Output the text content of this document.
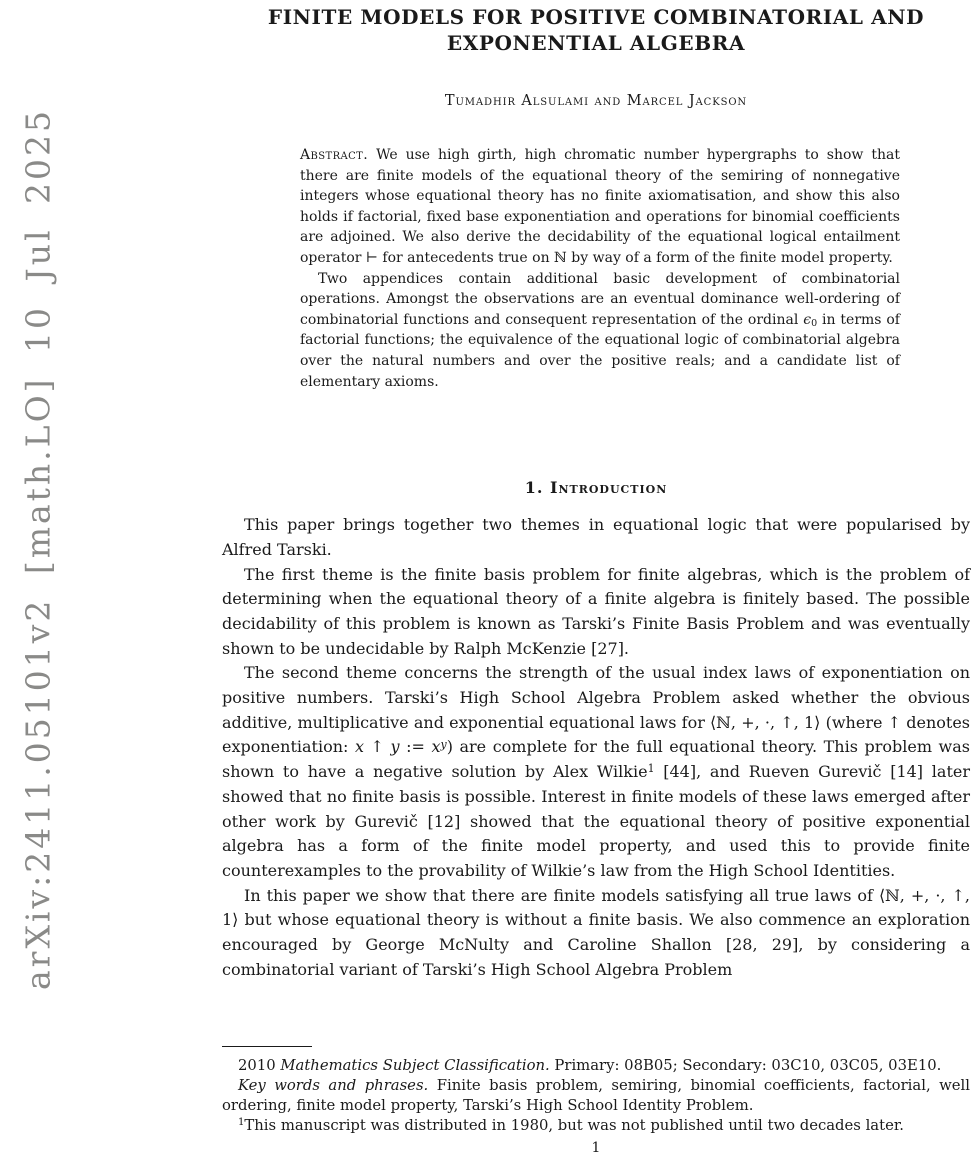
arXiv:2411.05101v2 [math.LO] 10 Jul 2025
FINITE MODELS FOR POSITIVE COMBINATORIAL AND
EXPONENTIAL ALGEBRA
Tumadhir Alsulami and Marcel Jackson

Abstract. We use high girth, high chromatic number hypergraphs to show that there are finite models of the equational theory of the semiring of nonnegative integers whose equational theory has no finite axiomatisation, and show this also holds if factorial, fixed base exponentiation and operations for binomial coefficients are adjoined. We also derive the decidability of the equational logical entailment operator ⊢ for antecedents true on ℕ by way of a form of the finite model property.

Two appendices contain additional basic development of combinatorial operations. Amongst the observations are an eventual dominance well-ordering of combinatorial functions and consequent representation of the ordinal ϵ0 in terms of factorial functions; the equivalence of the equational logic of combinatorial algebra over the natural numbers and over the positive reals; and a candidate list of elementary axioms.

1. Introduction

This paper brings together two themes in equational logic that were popularised by Alfred Tarski.

The first theme is the finite basis problem for finite algebras, which is the problem of determining when the equational theory of a finite algebra is finitely based. The possible decidability of this problem is known as Tarski’s Finite Basis Problem and was eventually shown to be undecidable by Ralph McKenzie [27].

The second theme concerns the strength of the usual index laws of exponentiation on positive numbers. Tarski’s High School Algebra Problem asked whether the obvious additive, multiplicative and exponential equational laws for ⟨ℕ, +, ·, ↑, 1⟩ (where ↑ denotes exponentiation: x ↑ y := $x^y$) are complete for the full equational theory. This problem was shown to have a negative solution by Alex Wilkie$^1$ [44], and Rueven Gurevič [14] later showed that no finite basis is possible. Interest in finite models of these laws emerged after other work by Gurevič [12] showed that the equational theory of positive exponential algebra has a form of the finite model property, and used this to provide finite counterexamples to the provability of Wilkie’s law from the High School Identities.

In this paper we show that there are finite models satisfying all true laws of ⟨ℕ, +, ·, ↑, 1⟩ but whose equational theory is without a finite basis. We also commence an exploration encouraged by George McNulty and Caroline Shallon [28, 29], by considering a combinatorial variant of Tarski’s High School Algebra Problem

2010 Mathematics Subject Classification. Primary: 08B05; Secondary: 03C10, 03C05, 03E10.

Key words and phrases. Finite basis problem, semiring, binomial coefficients, factorial, well ordering, finite model property, Tarski’s High School Identity Problem.

$^1$This manuscript was distributed in 1980, but was not published until two decades later.

1
